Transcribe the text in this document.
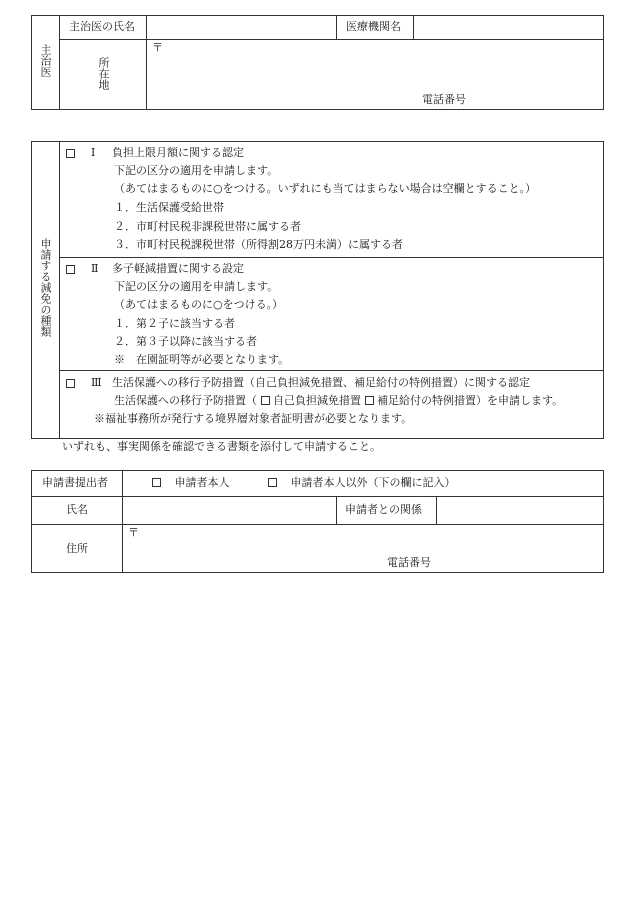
主治医
主治医の氏名	医療機関名
所在地
〒
電話番号
申請する減免の種類
Ⅰ 負担上限月額に関する認定
下記の区分の適用を申請します。
（あてはまるものに○をつける。いずれにも当てはまらない場合は空欄とすること。）
１．生活保護受給世帯
２．市町村民税非課税世帯に属する者
３．市町村民税課税世帯（所得割28万円未満）に属する者
Ⅱ 多子軽減措置に関する設定
下記の区分の適用を申請します。
（あてはまるものに○をつける。）
１．第２子に該当する者
２．第３子以降に該当する者
※　在園証明等が必要となります。
Ⅲ 生活保護への移行予防措置（自己負担減免措置、補足給付の特例措置）に関する認定
生活保護への移行予防措置（ 自己負担減免措置 補足給付の特例措置）を申請します。
※福祉事務所が発行する境界層対象者証明書が必要となります。
いずれも、事実関係を確認できる書類を添付して申請すること。
申請書提出者	申請者本人	申請者本人以外（下の欄に記入）
氏名	申請者との関係
住所
〒
電話番号
